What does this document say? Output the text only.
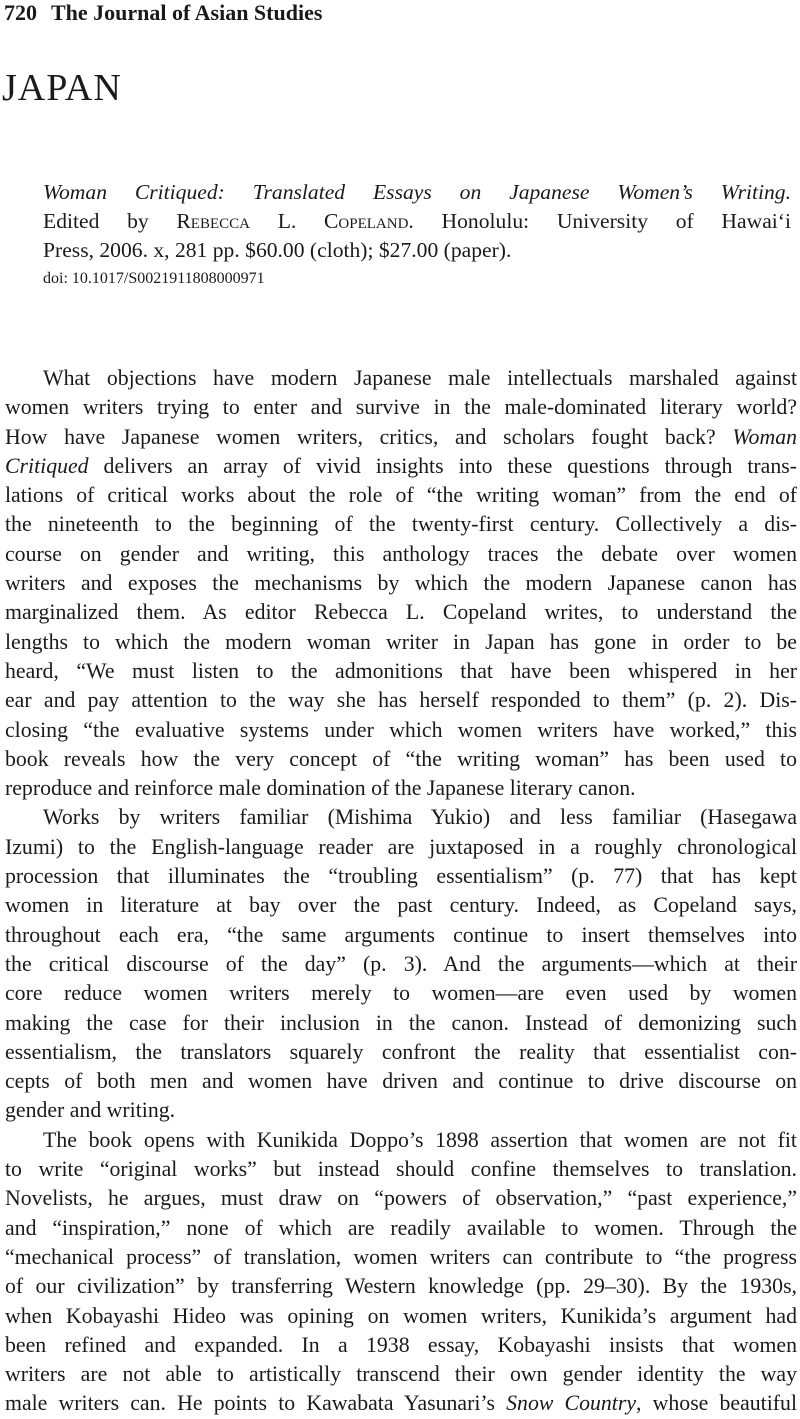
720 The Journal of Asian Studies
JAPAN
Woman Critiqued: Translated Essays on Japanese Women’s Writing.
Edited by Rebecca L. Copeland. Honolulu: University of Hawai‘i
Press, 2006. x, 281 pp. $60.00 (cloth); $27.00 (paper).
doi: 10.1017/S0021911808000971
What objections have modern Japanese male intellectuals marshaled against
women writers trying to enter and survive in the male-dominated literary world?
How have Japanese women writers, critics, and scholars fought back? Woman
Critiqued delivers an array of vivid insights into these questions through trans-
lations of critical works about the role of “the writing woman” from the end of
the nineteenth to the beginning of the twenty-first century. Collectively a dis-
course on gender and writing, this anthology traces the debate over women
writers and exposes the mechanisms by which the modern Japanese canon has
marginalized them. As editor Rebecca L. Copeland writes, to understand the
lengths to which the modern woman writer in Japan has gone in order to be
heard, “We must listen to the admonitions that have been whispered in her
ear and pay attention to the way she has herself responded to them” (p. 2). Dis-
closing “the evaluative systems under which women writers have worked,” this
book reveals how the very concept of “the writing woman” has been used to
reproduce and reinforce male domination of the Japanese literary canon.
Works by writers familiar (Mishima Yukio) and less familiar (Hasegawa
Izumi) to the English-language reader are juxtaposed in a roughly chronological
procession that illuminates the “troubling essentialism” (p. 77) that has kept
women in literature at bay over the past century. Indeed, as Copeland says,
throughout each era, “the same arguments continue to insert themselves into
the critical discourse of the day” (p. 3). And the arguments—which at their
core reduce women writers merely to women—are even used by women
making the case for their inclusion in the canon. Instead of demonizing such
essentialism, the translators squarely confront the reality that essentialist con-
cepts of both men and women have driven and continue to drive discourse on
gender and writing.
The book opens with Kunikida Doppo’s 1898 assertion that women are not fit
to write “original works” but instead should confine themselves to translation.
Novelists, he argues, must draw on “powers of observation,” “past experience,”
and “inspiration,” none of which are readily available to women. Through the
“mechanical process” of translation, women writers can contribute to “the progress
of our civilization” by transferring Western knowledge (pp. 29–30). By the 1930s,
when Kobayashi Hideo was opining on women writers, Kunikida’s argument had
been refined and expanded. In a 1938 essay, Kobayashi insists that women
writers are not able to artistically transcend their own gender identity the way
male writers can. He points to Kawabata Yasunari’s Snow Country, whose beautiful
